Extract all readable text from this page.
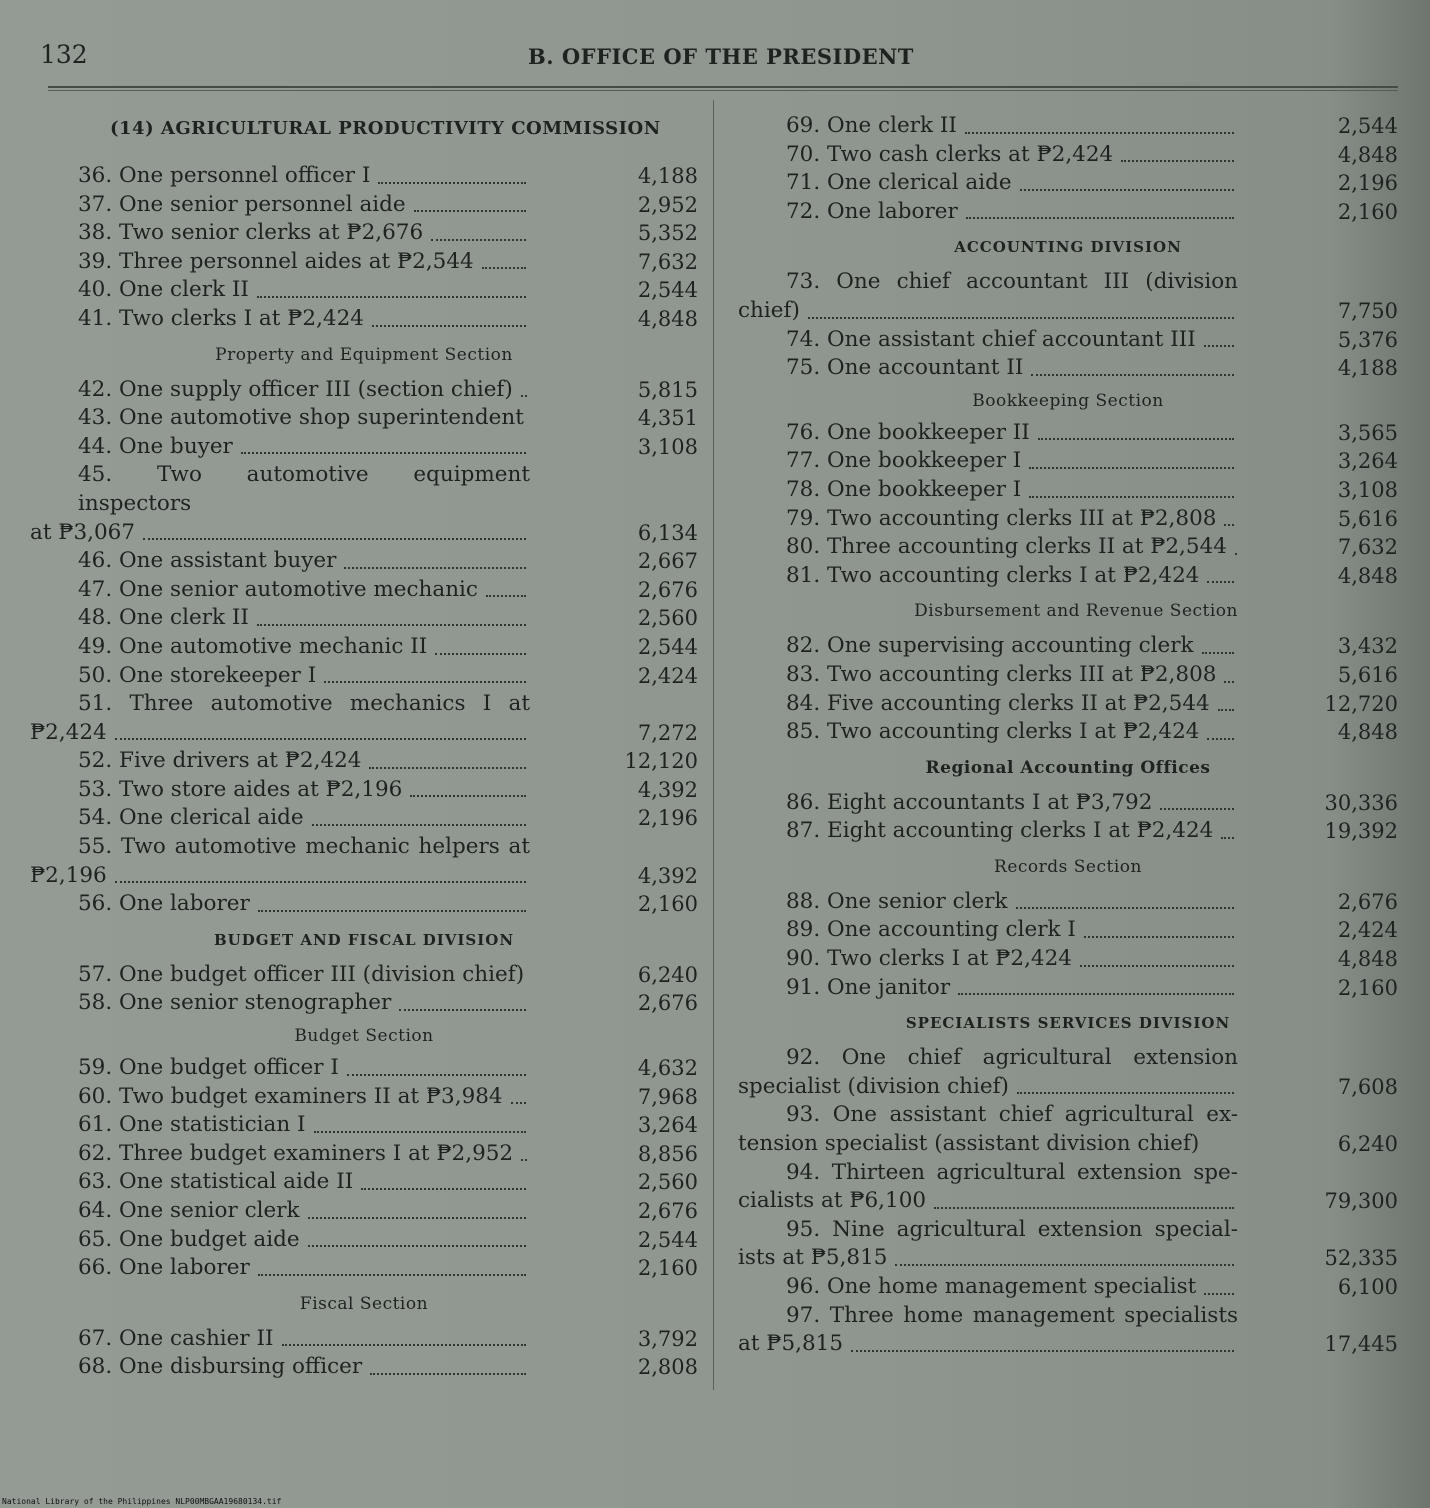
132	B. OFFICE OF THE PRESIDENT
(14) AGRICULTURAL PRODUCTIVITY COMMISSION
36. One personnel officer I	4,188
37. One senior personnel aide	2,952
38. Two senior clerks at ₱2,676	5,352
39. Three personnel aides at ₱2,544	7,632
40. One clerk II	2,544
41. Two clerks I at ₱2,424	4,848
Property and Equipment Section
42. One supply officer III (section chief)	5,815
43. One automotive shop superintendent	4,351
44. One buyer	3,108
45. Two automotive equipment inspectors
at ₱3,067	6,134
46. One assistant buyer	2,667
47. One senior automotive mechanic	2,676
48. One clerk II	2,560
49. One automotive mechanic II	2,544
50. One storekeeper I	2,424
51. Three automotive mechanics I at
₱2,424	7,272
52. Five drivers at ₱2,424	12,120
53. Two store aides at ₱2,196	4,392
54. One clerical aide	2,196
55. Two automotive mechanic helpers at
₱2,196	4,392
56. One laborer	2,160
BUDGET AND FISCAL DIVISION
57. One budget officer III (division chief)	6,240
58. One senior stenographer	2,676
Budget Section
59. One budget officer I	4,632
60. Two budget examiners II at ₱3,984	7,968
61. One statistician I	3,264
62. Three budget examiners I at ₱2,952	8,856
63. One statistical aide II	2,560
64. One senior clerk	2,676
65. One budget aide	2,544
66. One laborer	2,160
Fiscal Section
67. One cashier II	3,792
68. One disbursing officer	2,808
69. One clerk II	2,544
70. Two cash clerks at ₱2,424	4,848
71. One clerical aide	2,196
72. One laborer	2,160
ACCOUNTING DIVISION
73. One chief accountant III (division
chief)	7,750
74. One assistant chief accountant III	5,376
75. One accountant II	4,188
Bookkeeping Section
76. One bookkeeper II	3,565
77. One bookkeeper I	3,264
78. One bookkeeper I	3,108
79. Two accounting clerks III at ₱2,808	5,616
80. Three accounting clerks II at ₱2,544	7,632
81. Two accounting clerks I at ₱2,424	4,848
Disbursement and Revenue Section
82. One supervising accounting clerk	3,432
83. Two accounting clerks III at ₱2,808	5,616
84. Five accounting clerks II at ₱2,544	12,720
85. Two accounting clerks I at ₱2,424	4,848
Regional Accounting Offices
86. Eight accountants I at ₱3,792	30,336
87. Eight accounting clerks I at ₱2,424	19,392
Records Section
88. One senior clerk	2,676
89. One accounting clerk I	2,424
90. Two clerks I at ₱2,424	4,848
91. One janitor	2,160
SPECIALISTS SERVICES DIVISION
92. One chief agricultural extension
specialist (division chief)	7,608
93. One assistant chief agricultural ex-
tension specialist (assistant division chief)	6,240
94. Thirteen agricultural extension spe-
cialists at ₱6,100	79,300
95. Nine agricultural extension special-
ists at ₱5,815	52,335
96. One home management specialist	6,100
97. Three home management specialists
at ₱5,815	17,445
National Library of the Philippines NLP00MBGAA19680134.tif
